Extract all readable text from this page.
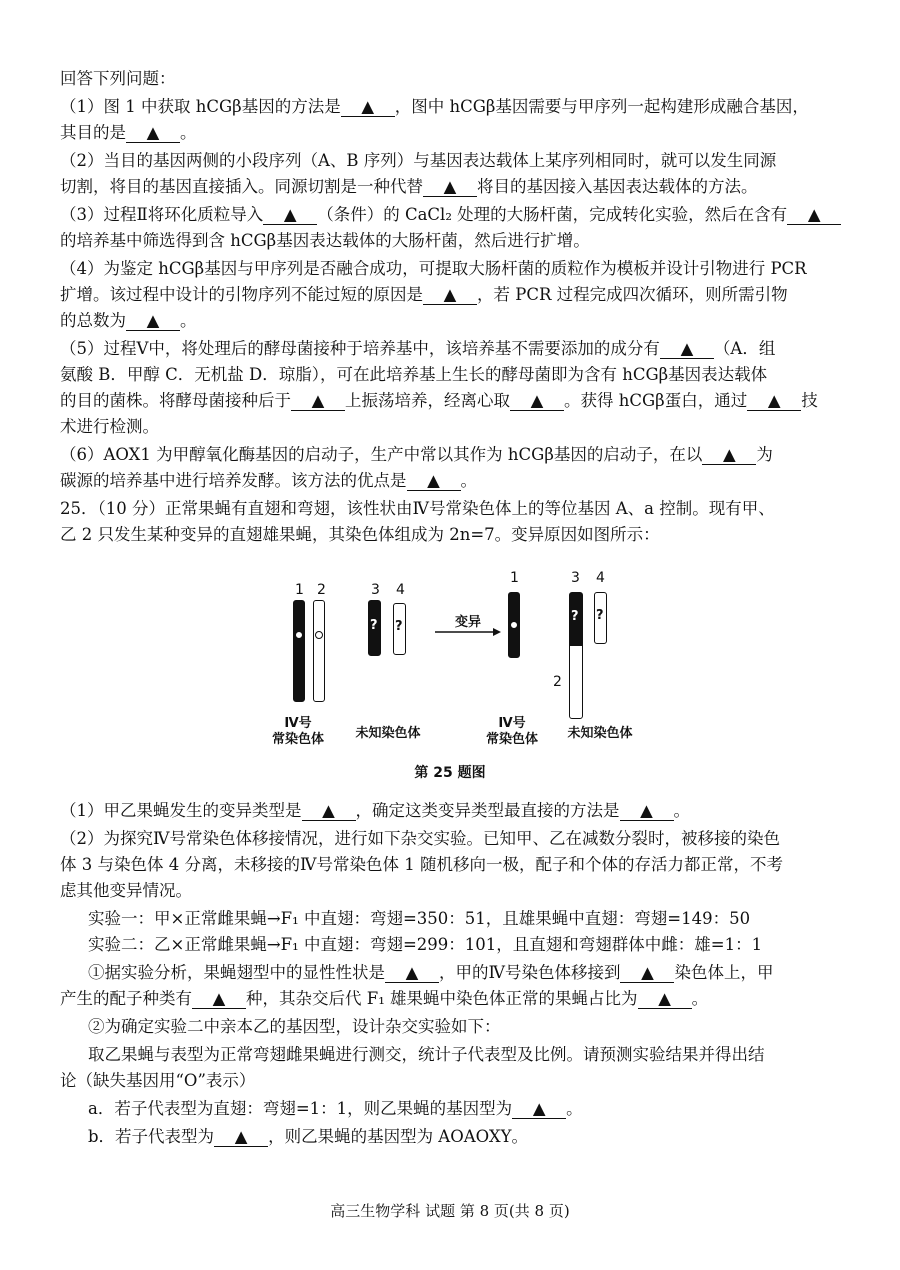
回答下列问题：
（1）图 1 中获取 hCGβ基因的方法是 ▲ ，图中 hCGβ基因需要与甲序列一起构建形成融合基因，
其目的是 ▲ 。
（2）当目的基因两侧的小段序列（A、B 序列）与基因表达载体上某序列相同时，就可以发生同源
切割，将目的基因直接插入。同源切割是一种代替 ▲ 将目的基因接入基因表达载体的方法。
（3）过程Ⅱ将环化质粒导入 ▲ （条件）的 CaCl₂ 处理的大肠杆菌，完成转化实验，然后在含有 ▲
的培养基中筛选得到含 hCGβ基因表达载体的大肠杆菌，然后进行扩增。
（4）为鉴定 hCGβ基因与甲序列是否融合成功，可提取大肠杆菌的质粒作为模板并设计引物进行 PCR
扩增。该过程中设计的引物序列不能过短的原因是 ▲ ，若 PCR 过程完成四次循环，则所需引物
的总数为 ▲ 。
（5）过程Ⅴ中，将处理后的酵母菌接种于培养基中，该培养基不需要添加的成分有 ▲ （A．组
氨酸 B．甲醇 C．无机盐 D．琼脂），可在此培养基上生长的酵母菌即为含有 hCGβ基因表达载体
的目的菌株。将酵母菌接种后于 ▲ 上振荡培养，经离心取 ▲ 。获得 hCGβ蛋白，通过 ▲ 技
术进行检测。
（6）AOX1 为甲醇氧化酶基因的启动子，生产中常以其作为 hCGβ基因的启动子，在以 ▲ 为
碳源的培养基中进行培养发酵。该方法的优点是 ▲ 。
25．（10 分）正常果蝇有直翅和弯翅，该性状由Ⅳ号常染色体上的等位基因 A、a 控制。现有甲、
乙 2 只发生某种变异的直翅雄果蝇，其染色体组成为 2n=7。变异原因如图所示：
（1）甲乙果蝇发生的变异类型是 ▲ ，确定这类变异类型最直接的方法是 ▲ 。
（2）为探究Ⅳ号常染色体移接情况，进行如下杂交实验。已知甲、乙在减数分裂时，被移接的染色
体 3 与染色体 4 分离，未移接的Ⅳ号常染色体 1 随机移向一极，配子和个体的存活力都正常，不考
虑其他变异情况。
实验一：甲×正常雌果蝇→F₁ 中直翅：弯翅=350：51，且雄果蝇中直翅：弯翅=149：50
实验二：乙×正常雌果蝇→F₁ 中直翅：弯翅=299：101，且直翅和弯翅群体中雌：雄=1：1
①据实验分析，果蝇翅型中的显性性状是 ▲ ，甲的Ⅳ号染色体移接到 ▲ 染色体上，甲
产生的配子种类有 ▲ 种，其杂交后代 F₁ 雄果蝇中染色体正常的果蝇占比为 ▲ 。
②为确定实验二中亲本乙的基因型，设计杂交实验如下：
取乙果蝇与表型为正常弯翅雌果蝇进行测交，统计子代表型及比例。请预测实验结果并得出结
论（缺失基因用“O”表示）
a．若子代表型为直翅：弯翅=1：1，则乙果蝇的基因型为 ▲ 。
b．若子代表型为 ▲ ，则乙果蝇的基因型为 AOAOXY。
1 2	3 4
? ?
Ⅳ号
常染色体	未知染色体
变异
1	3 4
2
? ?
Ⅳ号
常染色体	未知染色体
第 25 题图
高三生物学科 试题 第 8 页(共 8 页)
